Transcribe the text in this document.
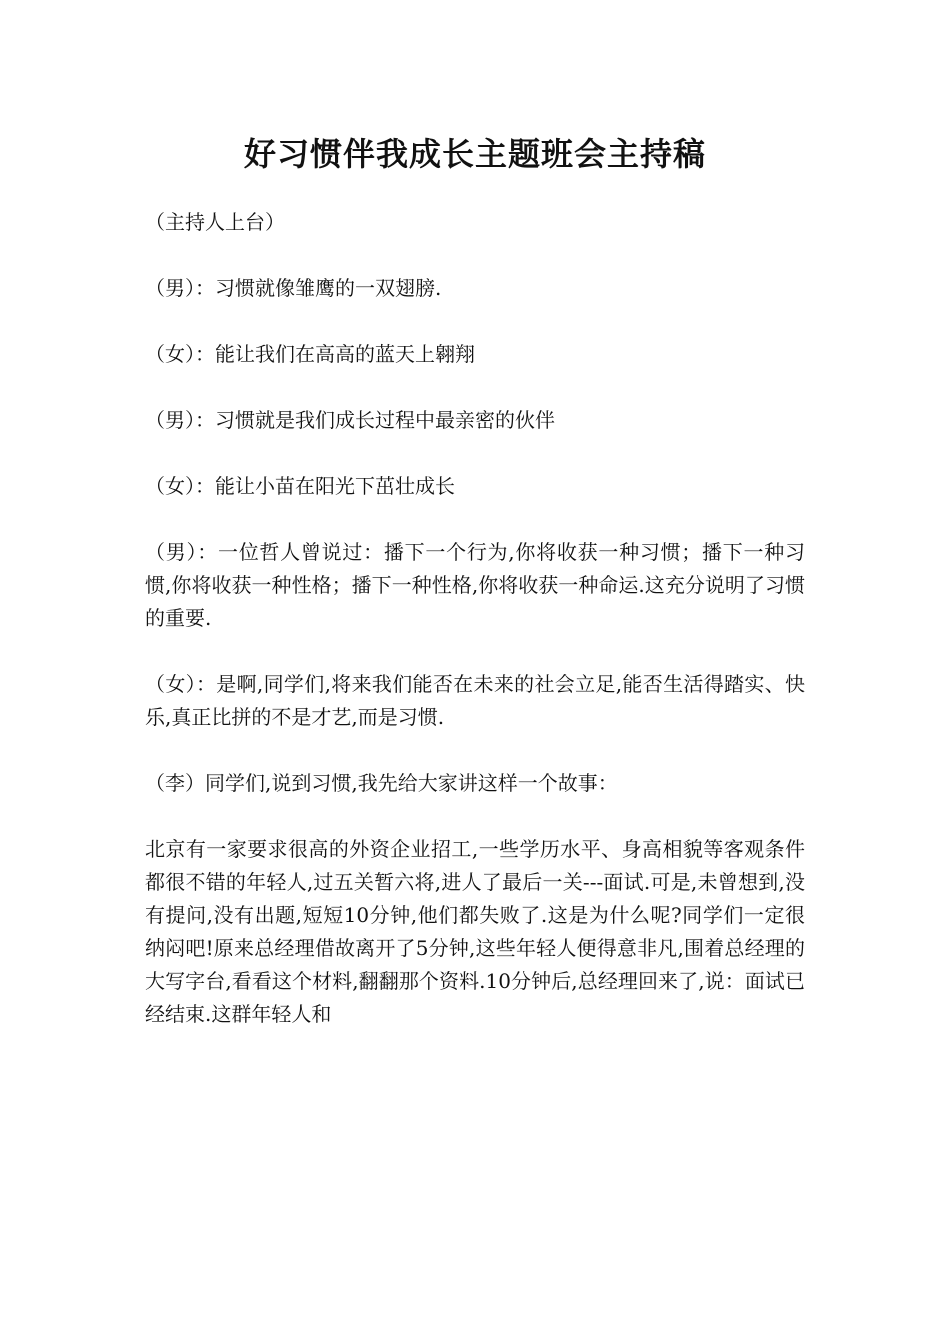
好习惯伴我成长主题班会主持稿

（主持人上台）

（男）：习惯就像雏鹰的一双翅膀.

（女）：能让我们在高高的蓝天上翱翔

（男）：习惯就是我们成长过程中最亲密的伙伴

（女）：能让小苗在阳光下茁壮成长

（男）：一位哲人曾说过：播下一个行为,你将收获一种习惯；播下一种习惯,你将收获一种性格；播下一种性格,你将收获一种命运.这充分说明了习惯的重要.

（女）：是啊,同学们,将来我们能否在未来的社会立足,能否生活得踏实、快乐,真正比拼的不是才艺,而是习惯.

（李）同学们,说到习惯,我先给大家讲这样一个故事：

北京有一家要求很高的外资企业招工,一些学历水平、身高相貌等客观条件都很不错的年轻人,过五关暂六将,进人了最后一关---面试.可是,未曾想到,没有提问,没有出题,短短10分钟,他们都失败了.这是为什么呢?同学们一定很纳闷吧!原来总经理借故离开了5分钟,这些年轻人便得意非凡,围着总经理的大写字台,看看这个材料,翻翻那个资料.10分钟后,总经理回来了,说：面试已经结束.这群年轻人和
